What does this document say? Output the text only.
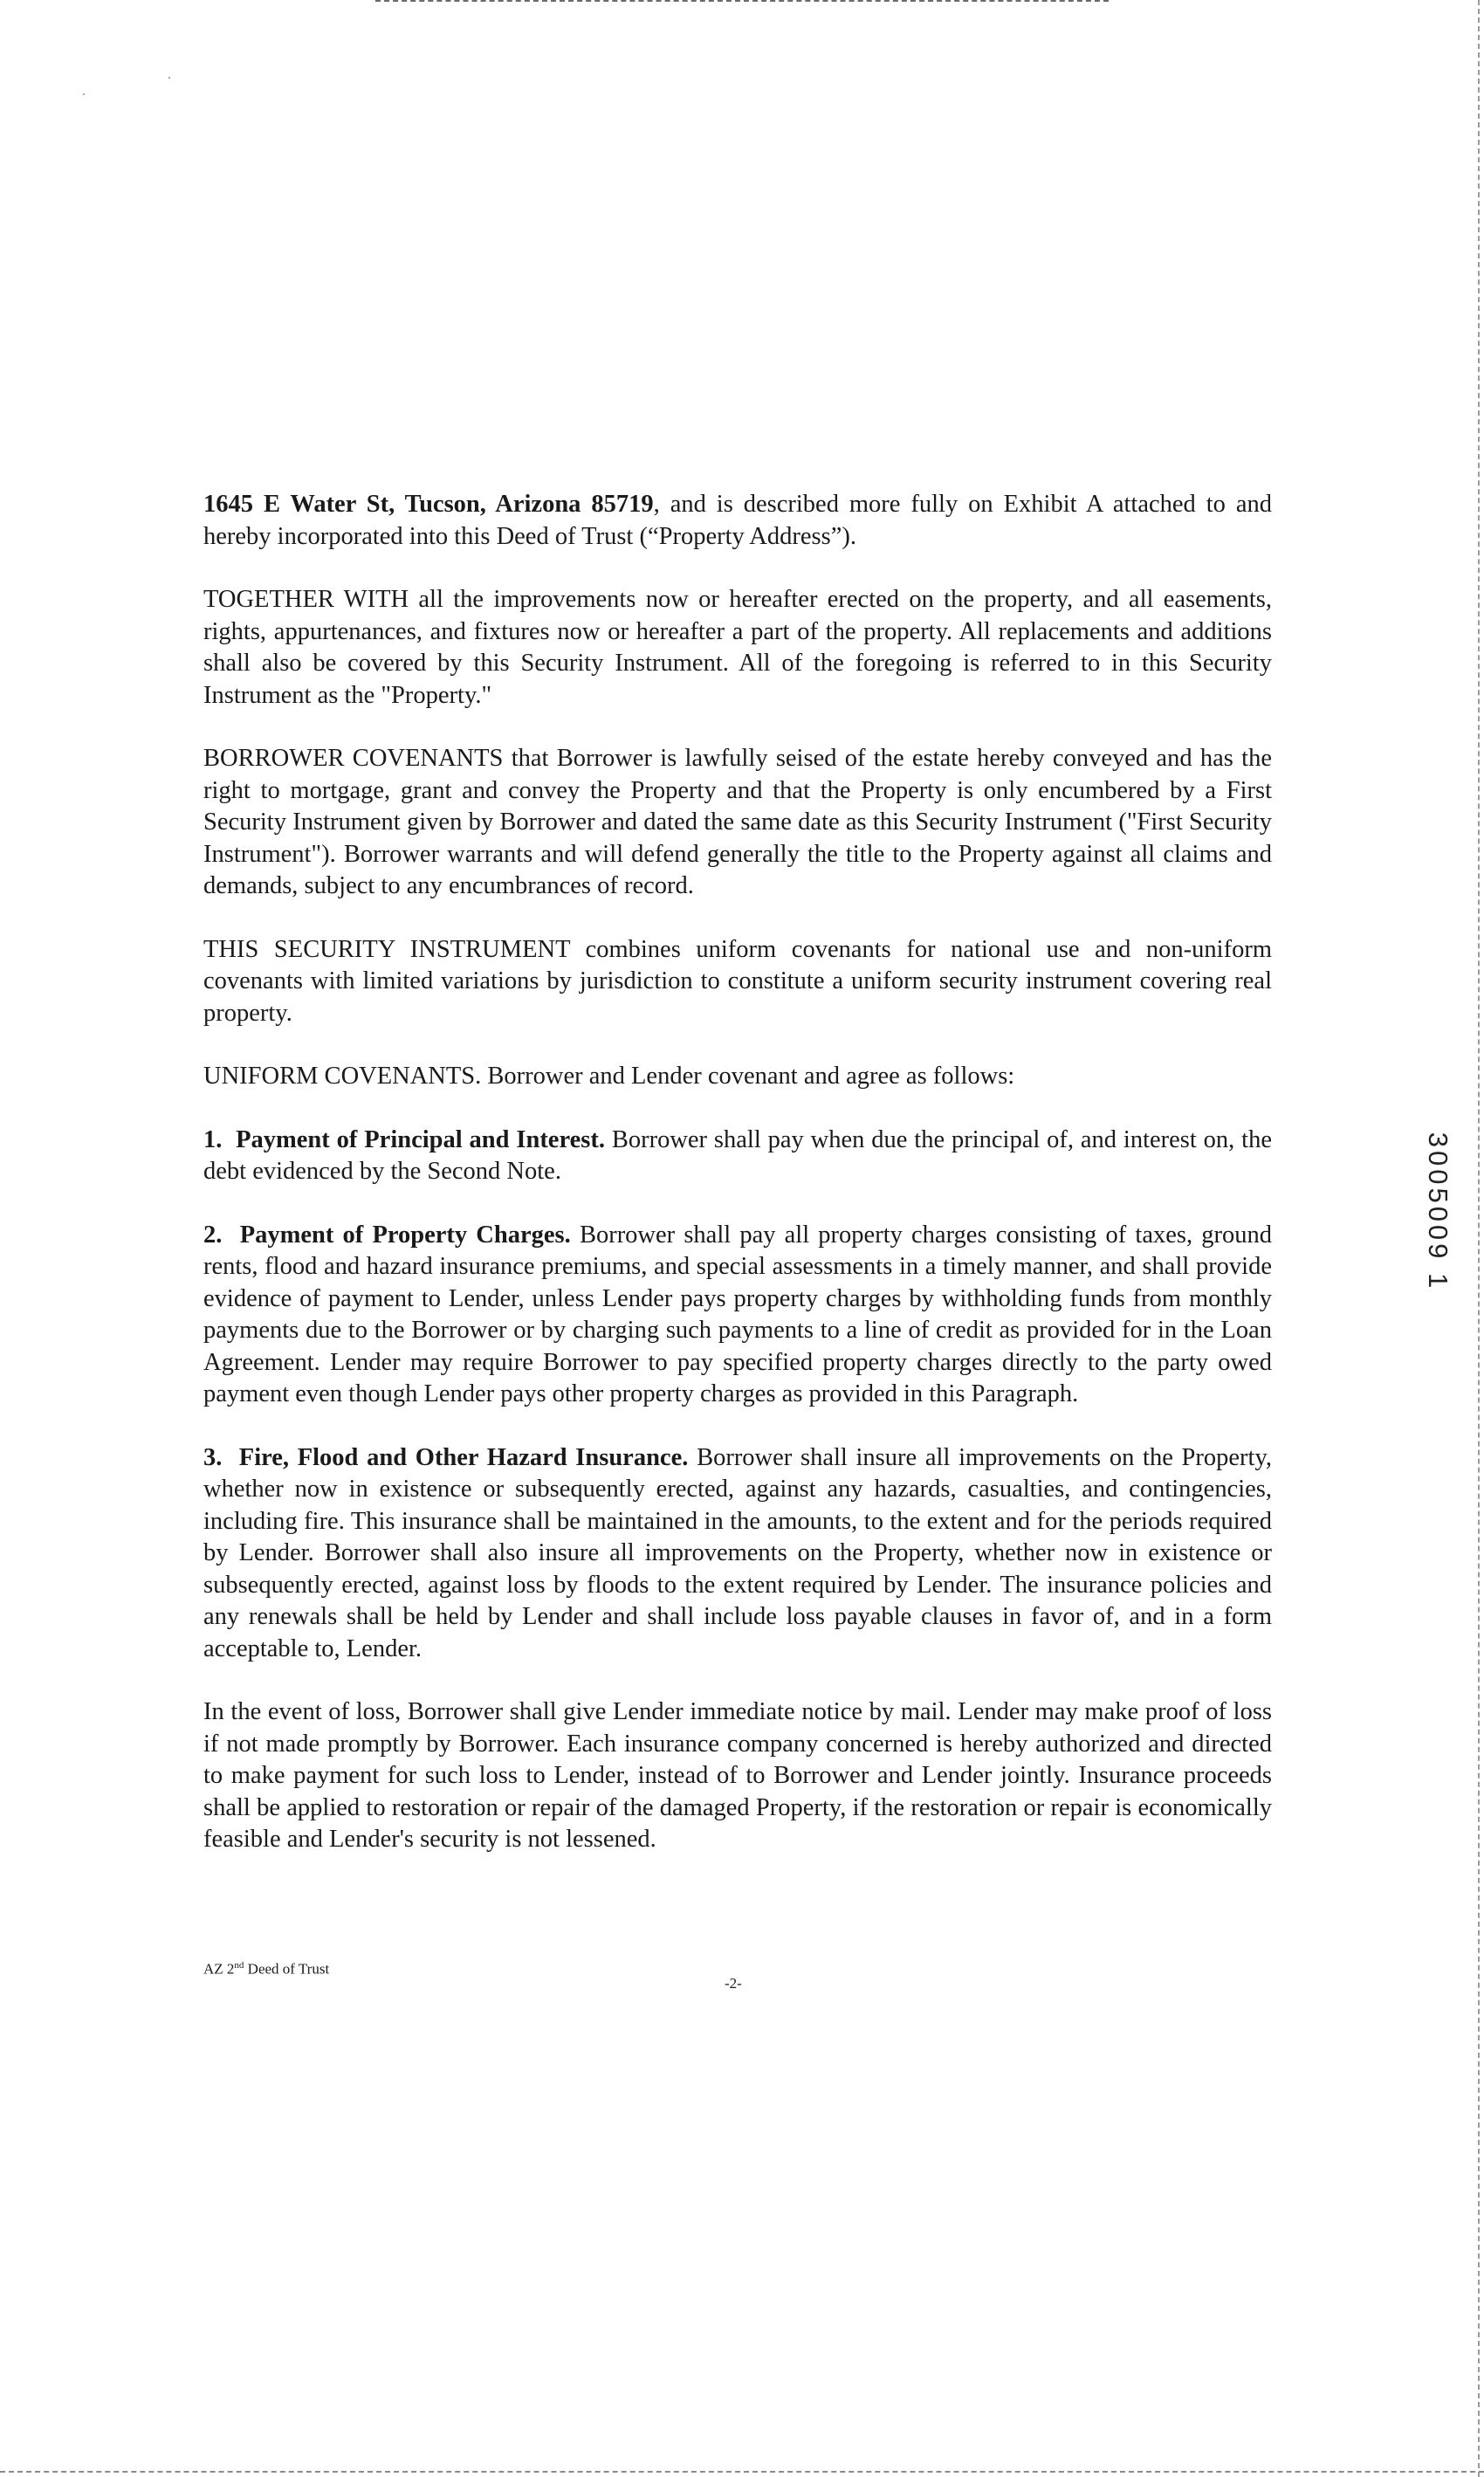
1645 E Water St, Tucson, Arizona 85719, and is described more fully on Exhibit A attached to and hereby incorporated into this Deed of Trust (“Property Address”).

TOGETHER WITH all the improvements now or hereafter erected on the property, and all easements, rights, appurtenances, and fixtures now or hereafter a part of the property. All replacements and additions shall also be covered by this Security Instrument. All of the foregoing is referred to in this Security Instrument as the "Property."

BORROWER COVENANTS that Borrower is lawfully seised of the estate hereby conveyed and has the right to mortgage, grant and convey the Property and that the Property is only encumbered by a First Security Instrument given by Borrower and dated the same date as this Security Instrument ("First Security Instrument"). Borrower warrants and will defend generally the title to the Property against all claims and demands, subject to any encumbrances of record.

THIS SECURITY INSTRUMENT combines uniform covenants for national use and non-uniform covenants with limited variations by jurisdiction to constitute a uniform security instrument covering real property.

UNIFORM COVENANTS. Borrower and Lender covenant and agree as follows:

1.  Payment of Principal and Interest. Borrower shall pay when due the principal of, and interest on, the debt evidenced by the Second Note.

2.  Payment of Property Charges. Borrower shall pay all property charges consisting of taxes, ground rents, flood and hazard insurance premiums, and special assessments in a timely manner, and shall provide evidence of payment to Lender, unless Lender pays property charges by withholding funds from monthly payments due to the Borrower or by charging such payments to a line of credit as provided for in the Loan Agreement. Lender may require Borrower to pay specified property charges directly to the party owed payment even though Lender pays other property charges as provided in this Paragraph.

3.  Fire, Flood and Other Hazard Insurance. Borrower shall insure all improvements on the Property, whether now in existence or subsequently erected, against any hazards, casualties, and contingencies, including fire. This insurance shall be maintained in the amounts, to the extent and for the periods required by Lender. Borrower shall also insure all improvements on the Property, whether now in existence or subsequently erected, against loss by floods to the extent required by Lender. The insurance policies and any renewals shall be held by Lender and shall include loss payable clauses in favor of, and in a form acceptable to, Lender.

In the event of loss, Borrower shall give Lender immediate notice by mail. Lender may make proof of loss if not made promptly by Borrower. Each insurance company concerned is hereby authorized and directed to make payment for such loss to Lender, instead of to Borrower and Lender jointly. Insurance proceeds shall be applied to restoration or repair of the damaged Property, if the restoration or repair is economically feasible and Lender's security is not lessened.

AZ 2nd Deed of Trust
-2-
3005009 1
